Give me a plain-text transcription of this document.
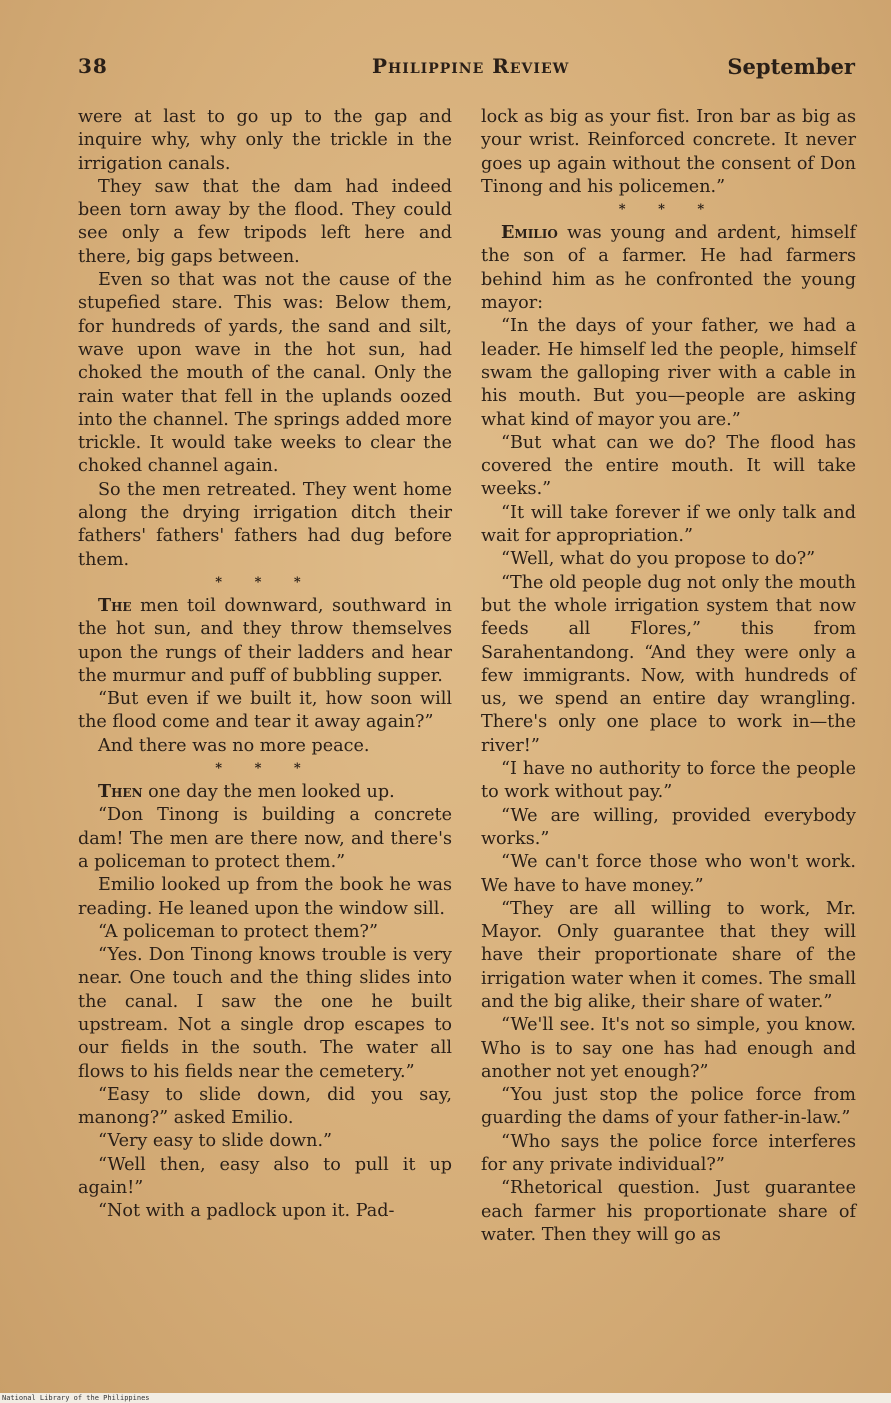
38	Philippine Review	September

were at last to go up to the gap and inquire why, why only the trickle in the irrigation canals.

They saw that the dam had indeed been torn away by the flood. They could see only a few tripods left here and there, big gaps between.

Even so that was not the cause of the stupefied stare. This was: Below them, for hundreds of yards, the sand and silt, wave upon wave in the hot sun, had choked the mouth of the canal. Only the rain water that fell in the uplands oozed into the channel. The springs added more trickle. It would take weeks to clear the choked channel again.

So the men retreated. They went home along the drying irrigation ditch their fathers' fathers' fathers had dug before them.

* * *

The men toil downward, southward in the hot sun, and they throw themselves upon the rungs of their ladders and hear the murmur and puff of bubbling supper.

“But even if we built it, how soon will the flood come and tear it away again?”

And there was no more peace.

* * *

Then one day the men looked up.

“Don Tinong is building a concrete dam! The men are there now, and there's a policeman to protect them.”

Emilio looked up from the book he was reading. He leaned upon the window sill.

“A policeman to protect them?”

“Yes. Don Tinong knows trouble is very near. One touch and the thing slides into the canal. I saw the one he built upstream. Not a single drop escapes to our fields in the south. The water all flows to his fields near the cemetery.”

“Easy to slide down, did you say, manong?” asked Emilio.

“Very easy to slide down.”

“Well then, easy also to pull it up again!”

“Not with a padlock upon it. Pad-

lock as big as your fist. Iron bar as big as your wrist. Reinforced concrete. It never goes up again without the consent of Don Tinong and his policemen.”

* * *

Emilio was young and ardent, himself the son of a farmer. He had farmers behind him as he confronted the young mayor:

“In the days of your father, we had a leader. He himself led the people, himself swam the galloping river with a cable in his mouth. But you—people are asking what kind of mayor you are.”

“But what can we do? The flood has covered the entire mouth. It will take weeks.”

“It will take forever if we only talk and wait for appropriation.”

“Well, what do you propose to do?”

“The old people dug not only the mouth but the whole irrigation system that now feeds all Flores,” this from Sarahentandong. “And they were only a few immigrants. Now, with hundreds of us, we spend an entire day wrangling. There's only one place to work in—the river!”

“I have no authority to force the people to work without pay.”

“We are willing, provided everybody works.”

“We can't force those who won't work. We have to have money.”

“They are all willing to work, Mr. Mayor. Only guarantee that they will have their proportionate share of the irrigation water when it comes. The small and the big alike, their share of water.”

“We'll see. It's not so simple, you know. Who is to say one has had enough and another not yet enough?”

“You just stop the police force from guarding the dams of your father-in-law.”

“Who says the police force interferes for any private individual?”

“Rhetorical question. Just guarantee each farmer his proportionate share of water. Then they will go as

National Library of the Philippines
